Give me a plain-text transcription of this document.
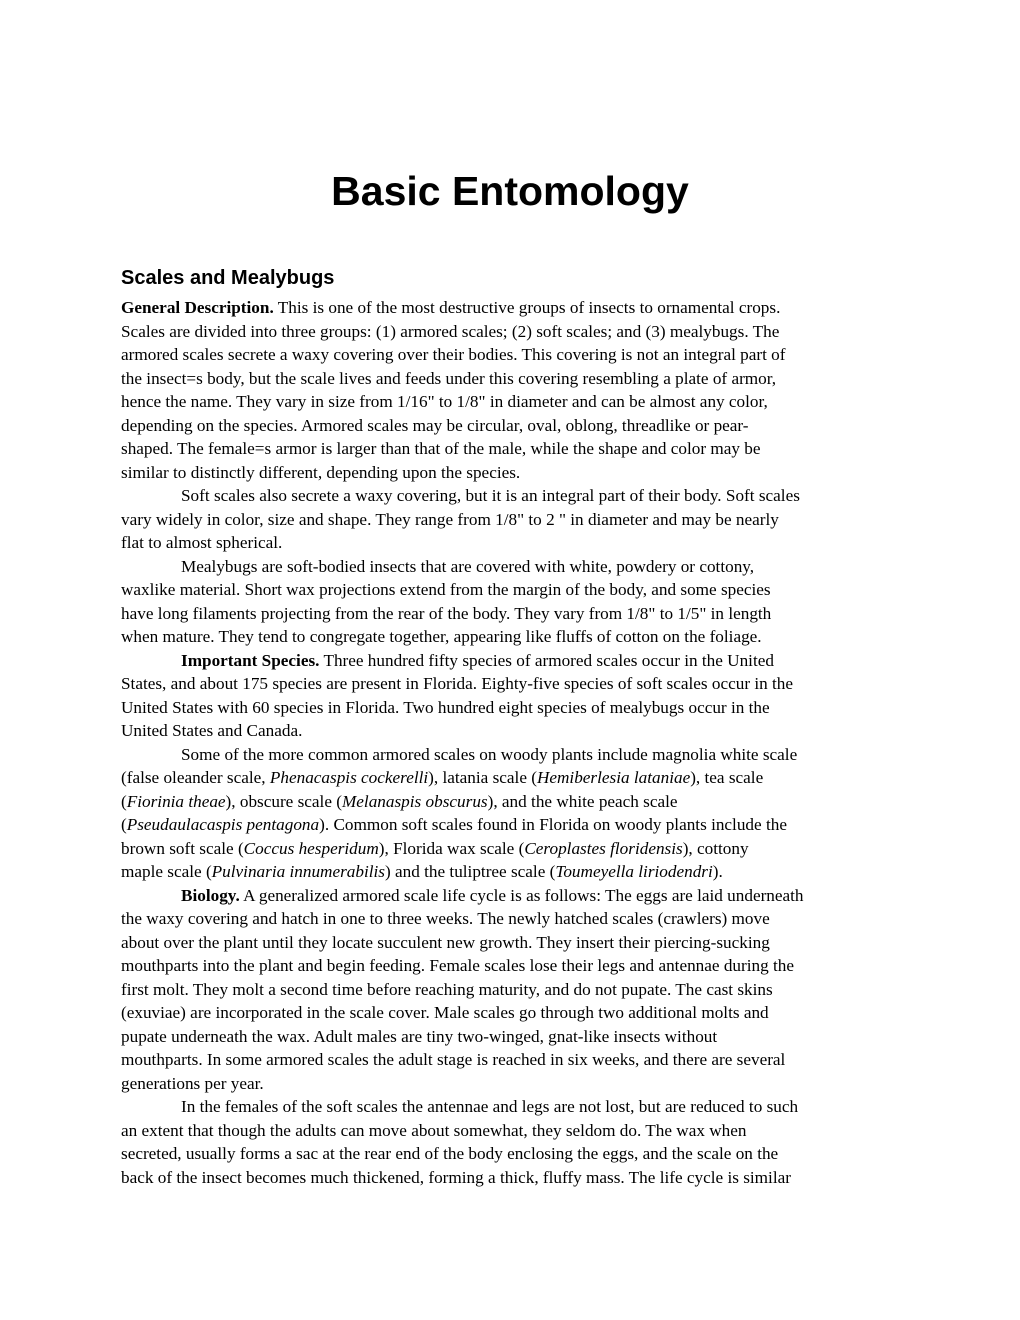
Basic Entomology
Scales and Mealybugs
General Description. This is one of the most destructive groups of insects to ornamental crops.
Scales are divided into three groups: (1) armored scales; (2) soft scales; and (3) mealybugs. The
armored scales secrete a waxy covering over their bodies. This covering is not an integral part of
the insect=s body, but the scale lives and feeds under this covering resembling a plate of armor,
hence the name. They vary in size from 1/16" to 1/8" in diameter and can be almost any color,
depending on the species. Armored scales may be circular, oval, oblong, threadlike or pear-
shaped. The female=s armor is larger than that of the male, while the shape and color may be
similar to distinctly different, depending upon the species.
Soft scales also secrete a waxy covering, but it is an integral part of their body. Soft scales
vary widely in color, size and shape. They range from 1/8" to 2 " in diameter and may be nearly
flat to almost spherical.
Mealybugs are soft-bodied insects that are covered with white, powdery or cottony,
waxlike material. Short wax projections extend from the margin of the body, and some species
have long filaments projecting from the rear of the body. They vary from 1/8" to 1/5" in length
when mature. They tend to congregate together, appearing like fluffs of cotton on the foliage.
Important Species. Three hundred fifty species of armored scales occur in the United
States, and about 175 species are present in Florida. Eighty-five species of soft scales occur in the
United States with 60 species in Florida. Two hundred eight species of mealybugs occur in the
United States and Canada.
Some of the more common armored scales on woody plants include magnolia white scale
(false oleander scale, Phenacaspis cockerelli), latania scale (Hemiberlesia lataniae), tea scale
(Fiorinia theae), obscure scale (Melanaspis obscurus), and the white peach scale
(Pseudaulacaspis pentagona). Common soft scales found in Florida on woody plants include the
brown soft scale (Coccus hesperidum), Florida wax scale (Ceroplastes floridensis), cottony
maple scale (Pulvinaria innumerabilis) and the tuliptree scale (Toumeyella liriodendri).
Biology. A generalized armored scale life cycle is as follows: The eggs are laid underneath
the waxy covering and hatch in one to three weeks. The newly hatched scales (crawlers) move
about over the plant until they locate succulent new growth. They insert their piercing-sucking
mouthparts into the plant and begin feeding. Female scales lose their legs and antennae during the
first molt. They molt a second time before reaching maturity, and do not pupate. The cast skins
(exuviae) are incorporated in the scale cover. Male scales go through two additional molts and
pupate underneath the wax. Adult males are tiny two-winged, gnat-like insects without
mouthparts. In some armored scales the adult stage is reached in six weeks, and there are several
generations per year.
In the females of the soft scales the antennae and legs are not lost, but are reduced to such
an extent that though the adults can move about somewhat, they seldom do. The wax when
secreted, usually forms a sac at the rear end of the body enclosing the eggs, and the scale on the
back of the insect becomes much thickened, forming a thick, fluffy mass. The life cycle is similar
